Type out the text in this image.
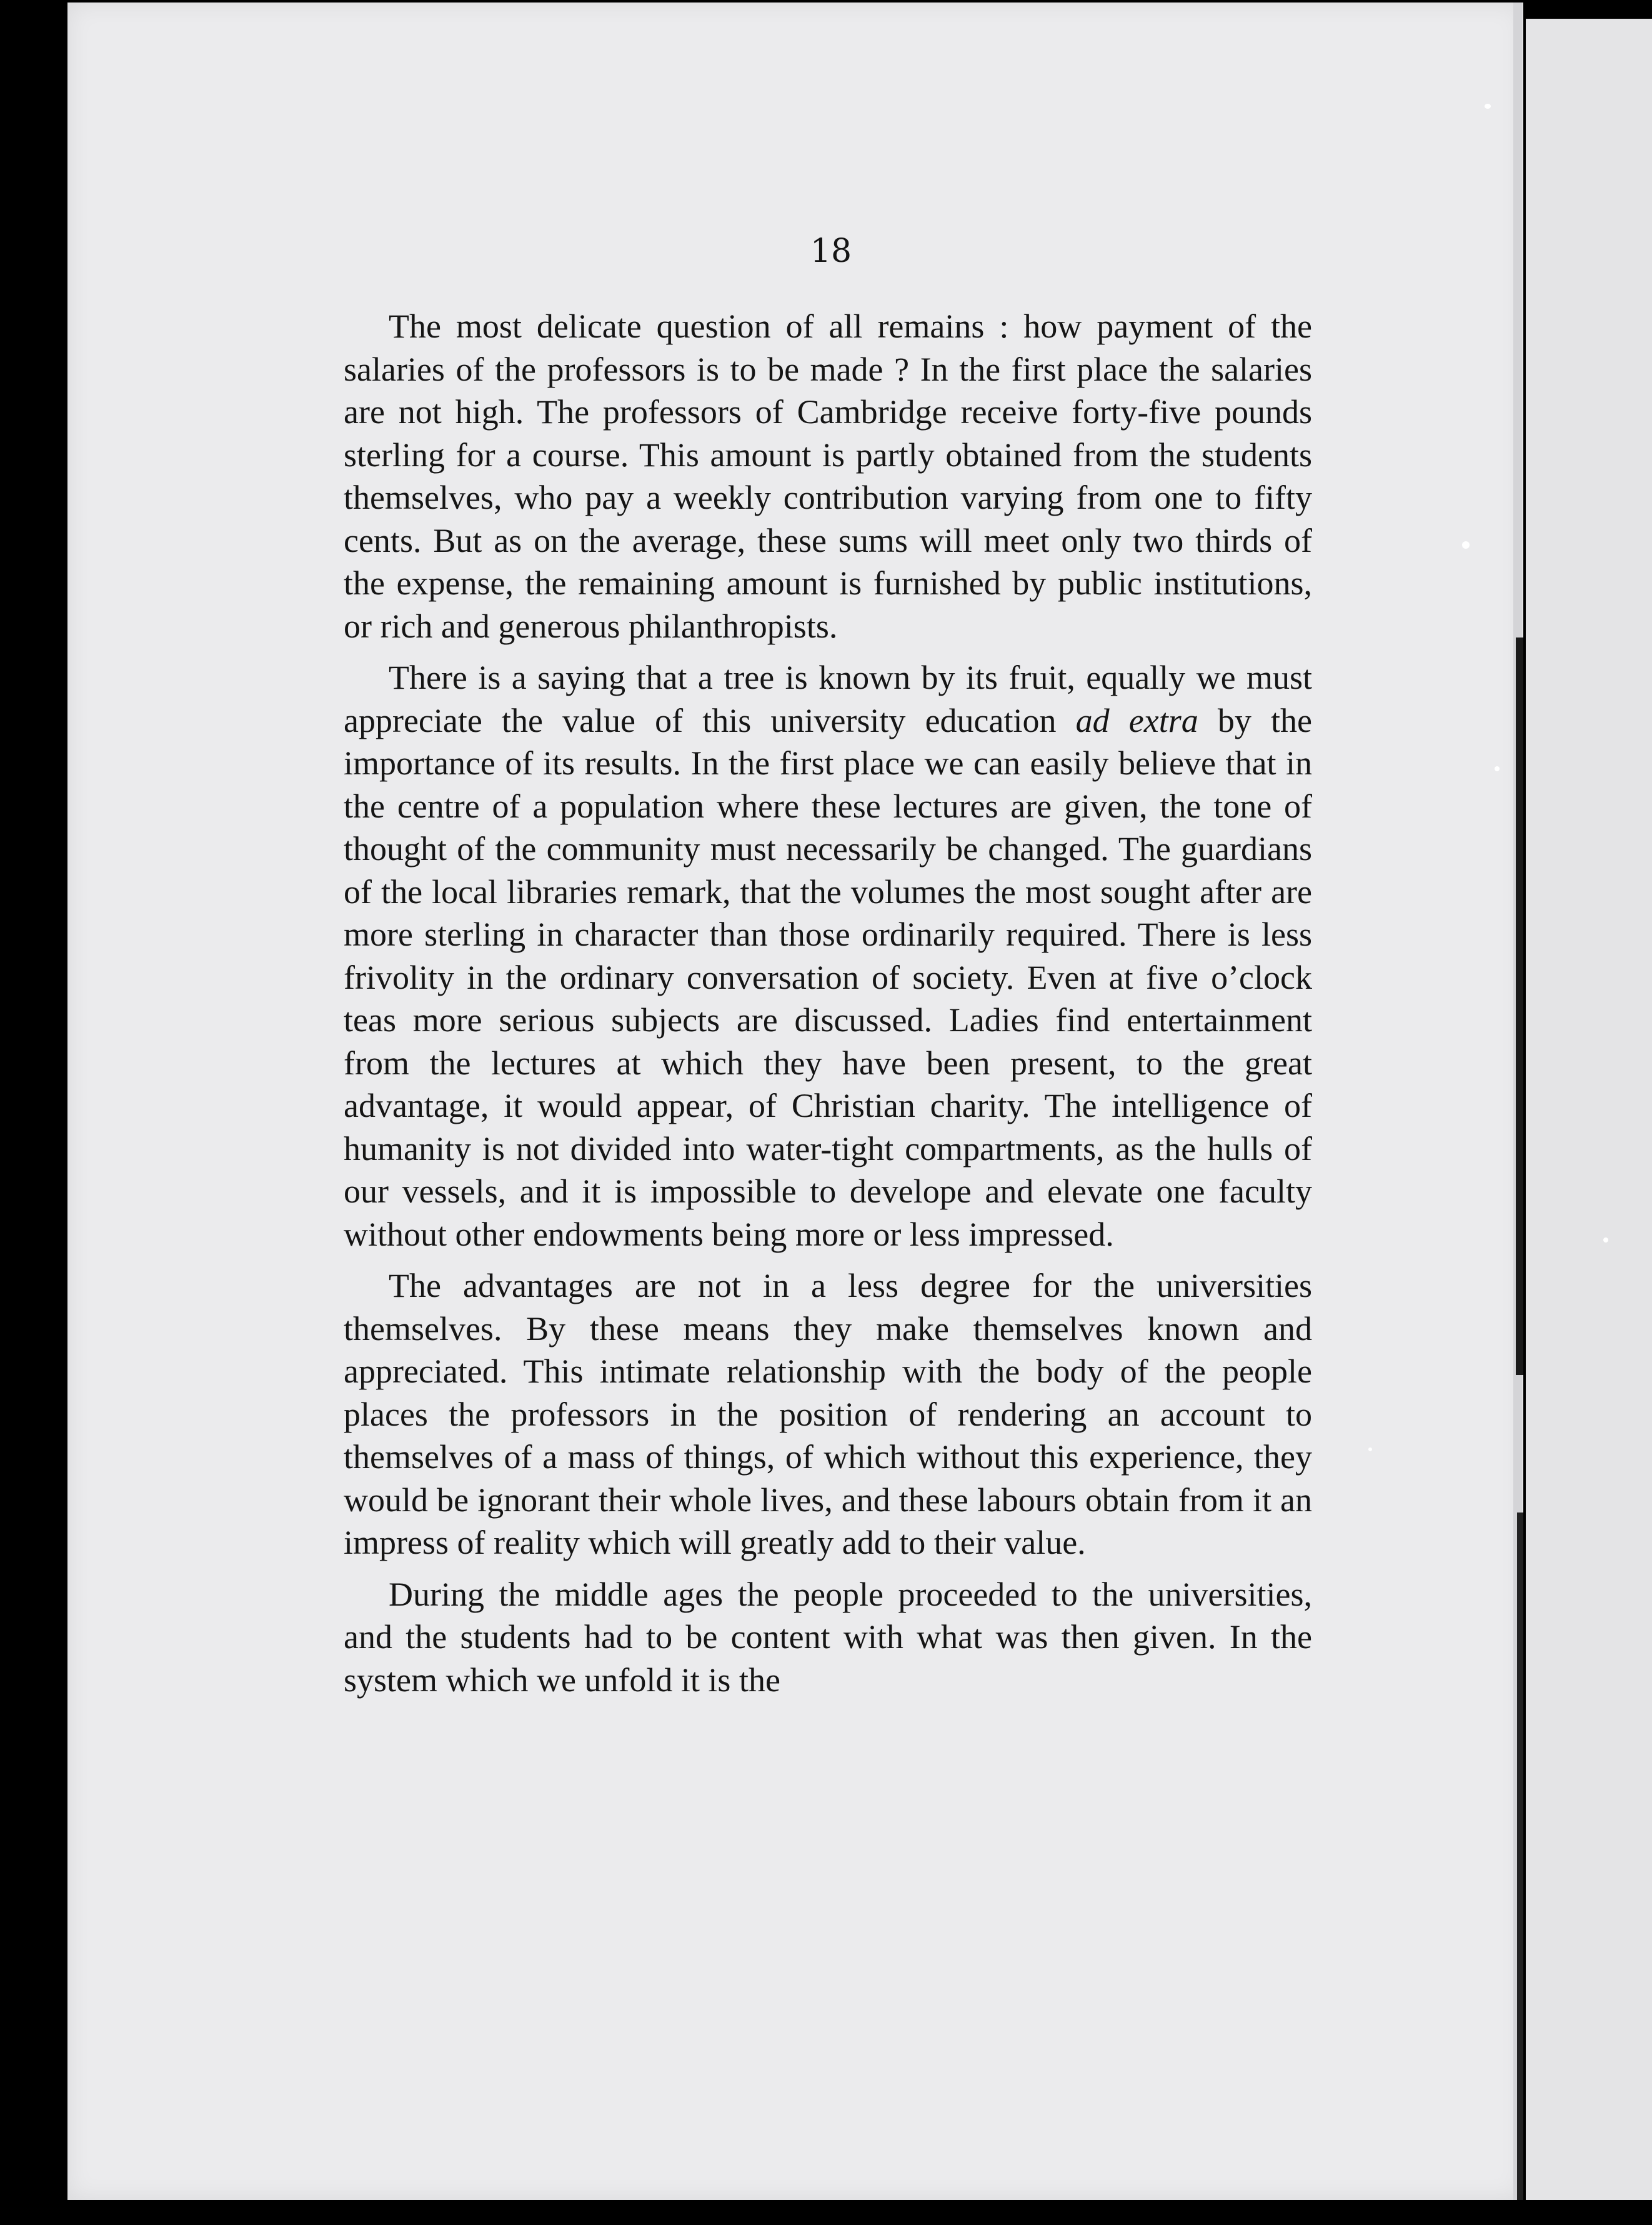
18

The most delicate question of all remains : how payment of the salaries of the professors is to be made ? In the first place the salaries are not high. The professors of Cambridge receive forty-five pounds sterling for a course. This amount is partly obtained from the students themselves, who pay a weekly contribution varying from one to fifty cents. But as on the average, these sums will meet only two thirds of the expense, the remaining amount is furnished by public institutions, or rich and generous philanthropists.

There is a saying that a tree is known by its fruit, equally we must appreciate the value of this university education ad extra by the importance of its results. In the first place we can easily believe that in the centre of a population where these lectures are given, the tone of thought of the community must necessarily be changed. The guardians of the local libraries remark, that the volumes the most sought after are more sterling in character than those ordinarily required. There is less frivolity in the ordinary conversation of society. Even at five o’clock teas more serious subjects are discussed. Ladies find entertainment from the lectures at which they have been present, to the great advantage, it would appear, of Christian charity. The intelligence of humanity is not divided into water-tight compartments, as the hulls of our vessels, and it is impossible to develope and elevate one faculty without other endowments being more or less impressed.

The advantages are not in a less degree for the universities themselves. By these means they make themselves known and appreciated. This intimate relationship with the body of the people places the professors in the position of rendering an account to themselves of a mass of things, of which without this experience, they would be ignorant their whole lives, and these labours obtain from it an impress of reality which will greatly add to their value.

During the middle ages the people proceeded to the universities, and the students had to be content with what was then given. In the system which we unfold it is the
